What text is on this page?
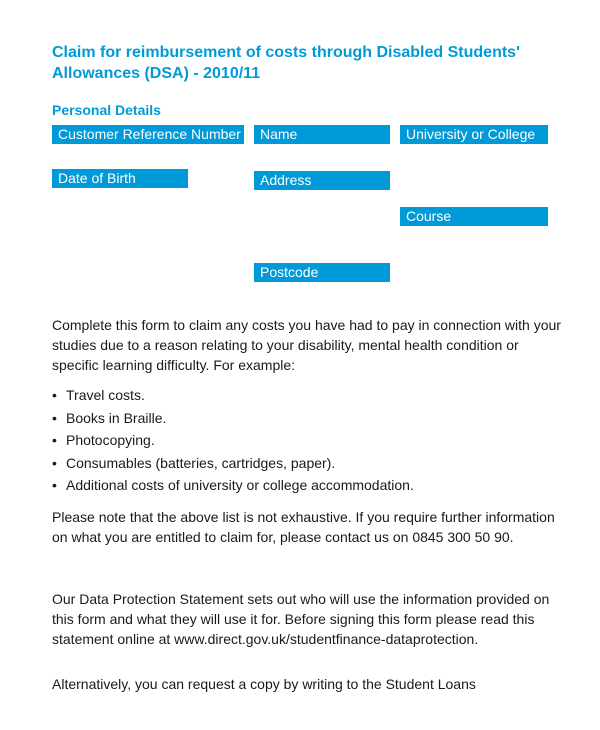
Claim for reimbursement of costs through Disabled Students' Allowances (DSA) - 2010/11
Personal Details
Customer Reference Number	Name	University or College
Date of Birth	Address
Course
Postcode

Complete this form to claim any costs you have had to pay in connection with your studies due to a reason relating to your disability, mental health condition or specific learning difficulty. For example:

• Travel costs.
• Books in Braille.
• Photocopying.
• Consumables (batteries, cartridges, paper).
• Additional costs of university or college accommodation.

Please note that the above list is not exhaustive. If you require further information on what you are entitled to claim for, please contact us on 0845 300 50 90.

Our Data Protection Statement sets out who will use the information provided on this form and what they will use it for. Before signing this form please read this statement online at www.direct.gov.uk/studentfinance-dataprotection.

Alternatively, you can request a copy by writing to the Student Loans
